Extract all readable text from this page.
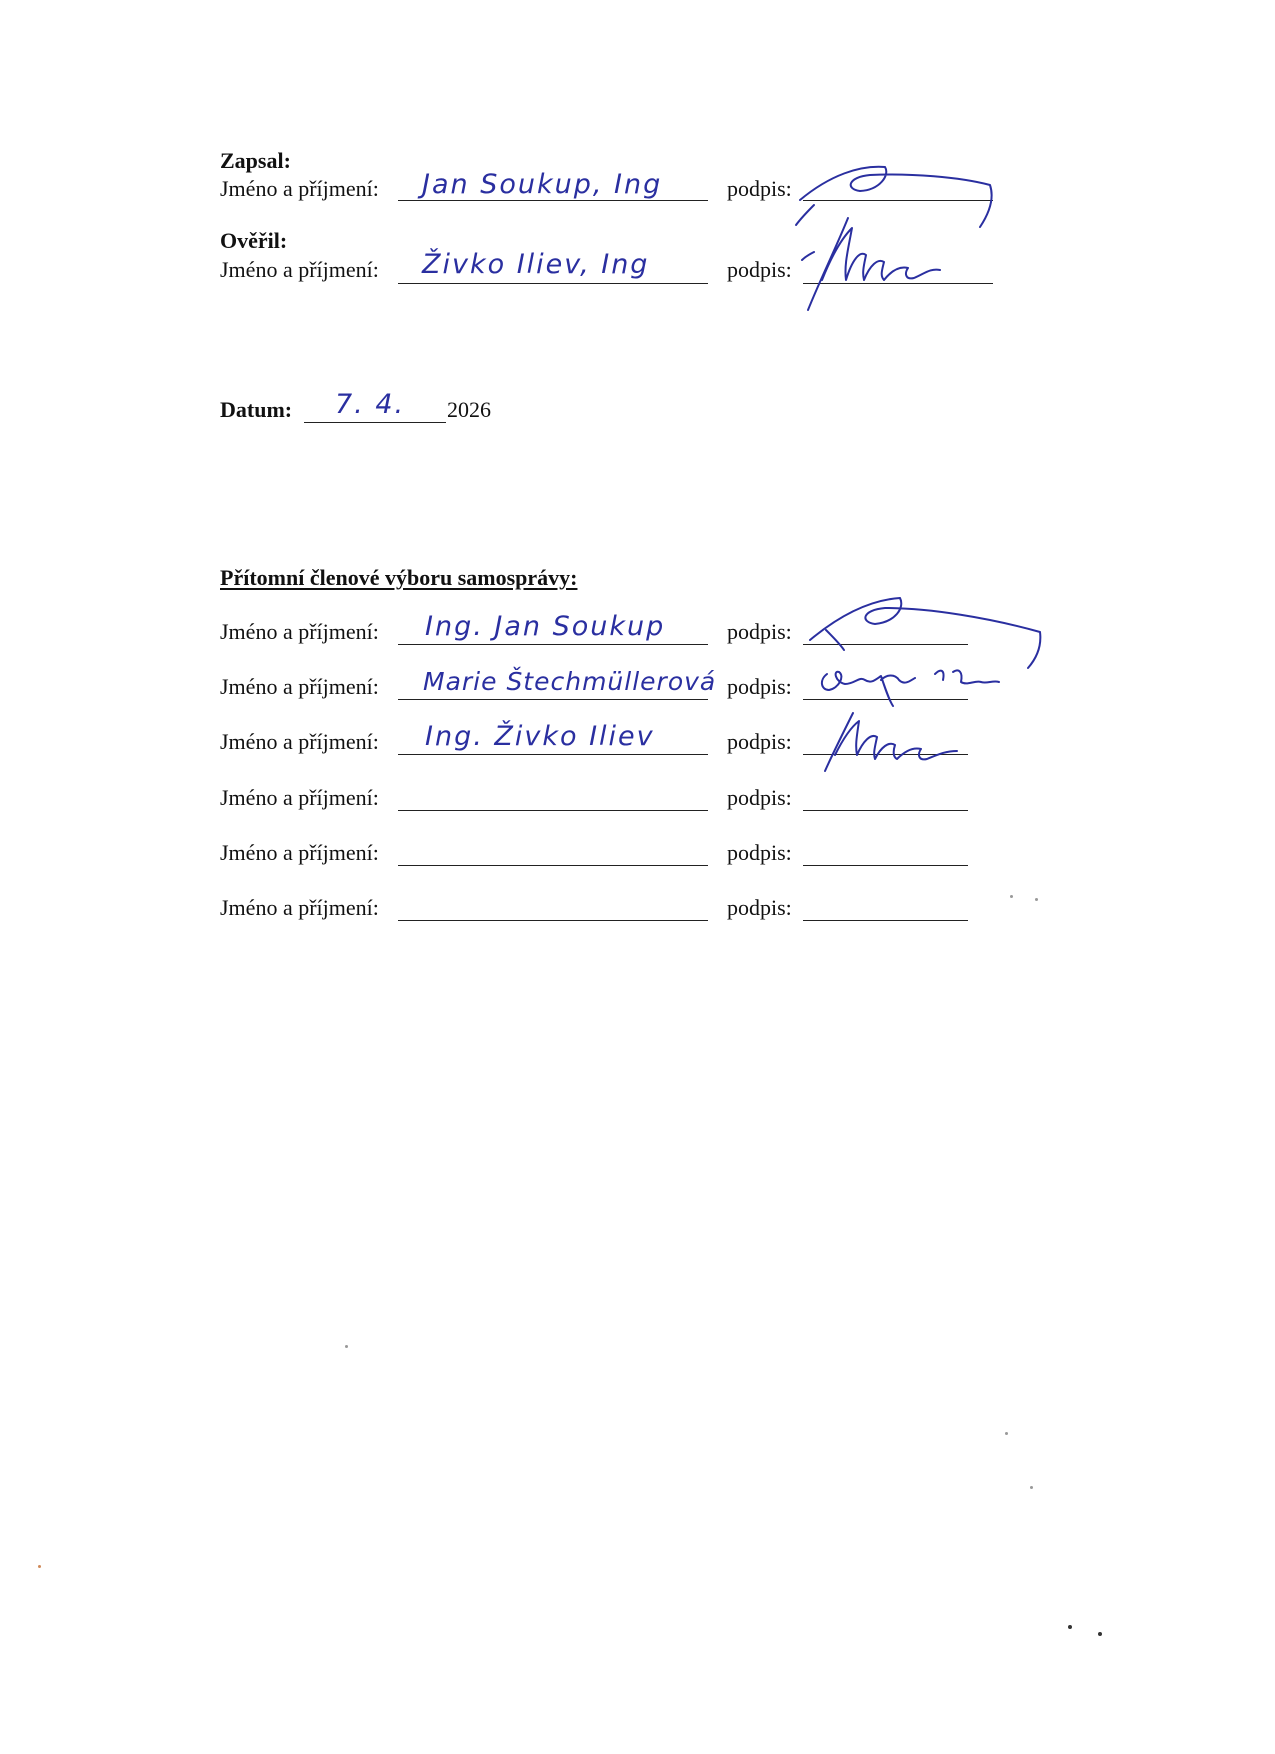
Zapsal:
Jméno a příjmení: Jan Soukup, Ing	podpis:
Ověřil:
Jméno a příjmení: Živko Iliev, Ing	podpis:
Datum: 7. 4. 2026
Přítomní členové výboru samosprávy:
Jméno a příjmení: Ing. Jan Soukup	podpis:
Jméno a příjmení: Marie Štechmüllerová podpis:
Jméno a příjmení: Ing. Živko Iliev	podpis:
Jméno a příjmení:	podpis:
Jméno a příjmení:	podpis:
Jméno a příjmení:	podpis:
